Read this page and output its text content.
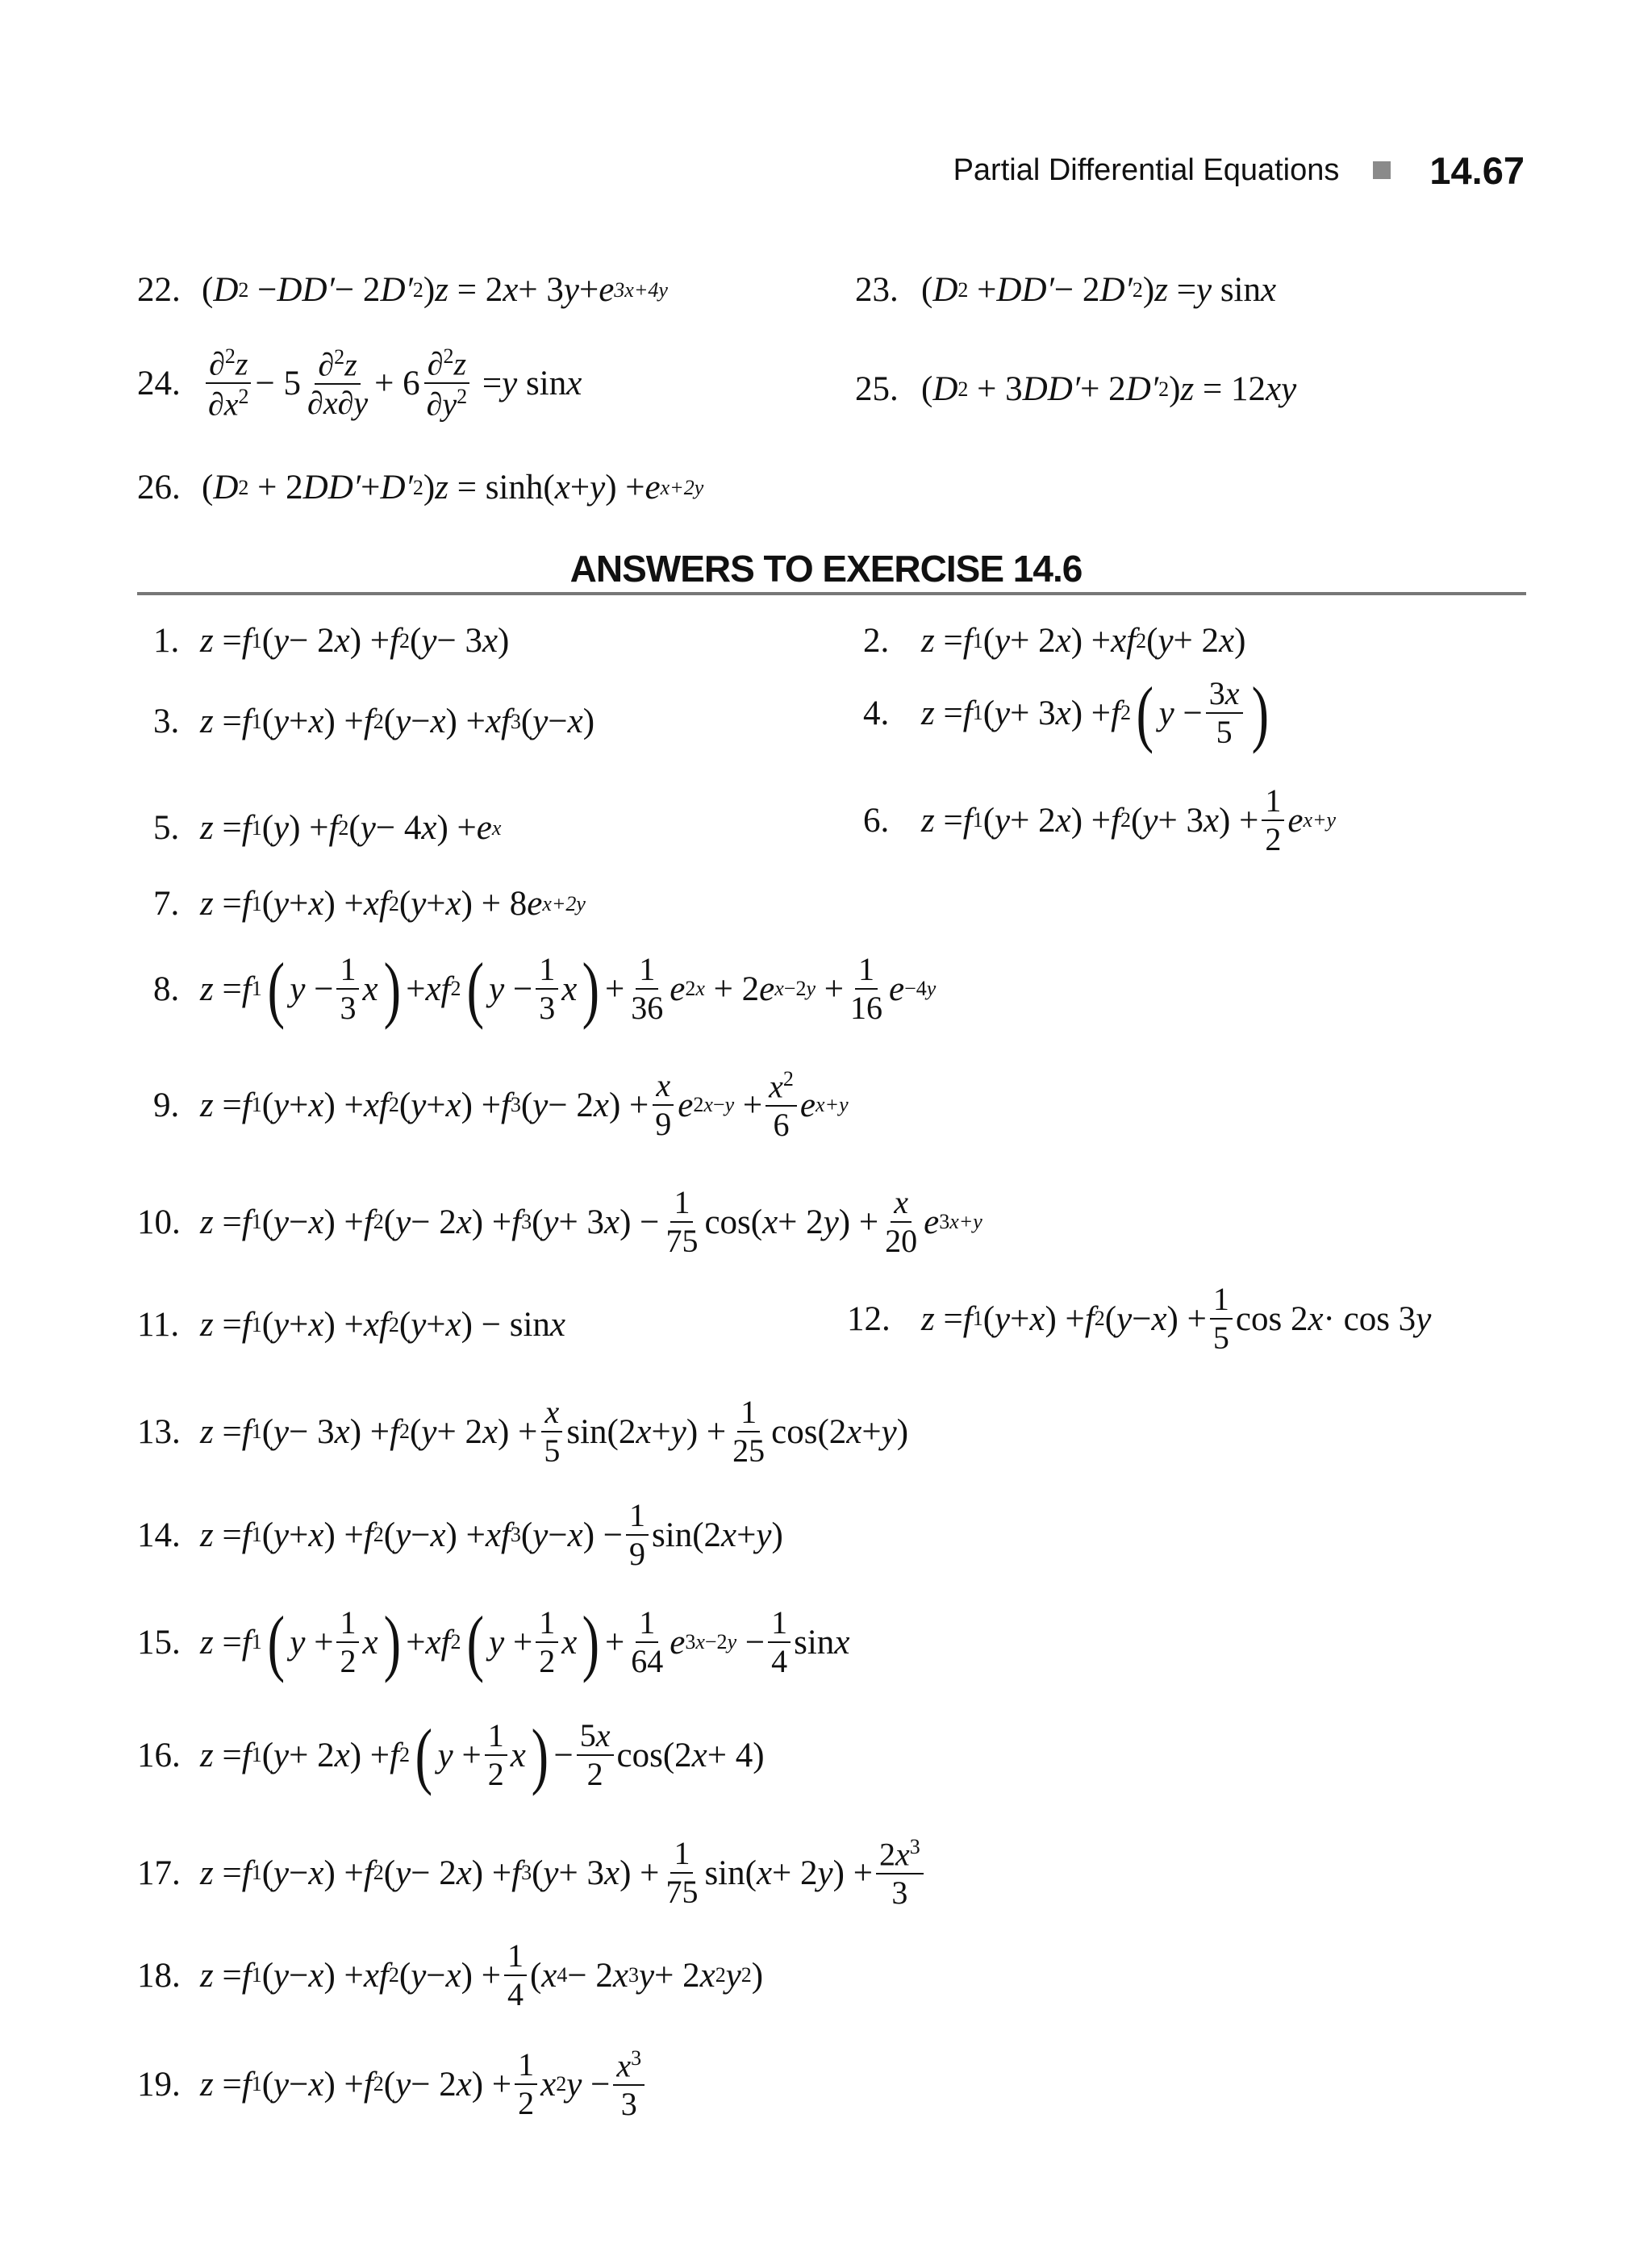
Partial Differential Equations 14.67
22. ( D 2 − DD′ − 2 D′ 2 ) z = 2 x + 3 y + e 3x+4y	23. ( D 2 + DD′ − 2 D′ 2 ) z = y sin x
24. $\frac{\partial^2z}{\partial x^2} - 5 \frac{\partial^2z}{\partial x\partial y} + 6 \frac{\partial^2z}{\partial y^2} = y$ sin x	25. ( D 2 + 3 DD′ + 2 D′ 2 ) z = 12 xy
26. ( D 2 + 2 DD′ + D′ 2 ) z = sinh( x + y ) + e x+2y
ANSWERS TO EXERCISE 14.6
1. z = f 1 ( y − 2 x ) + f 2 ( y − 3 x )	2. z = f 1 ( y + 2 x ) + xf 2 ( y + 2 x )
3. z = f 1 ( y + x ) + f 2 ( y − x ) + xf 3 ( y − x )	4. z = f 1 ( y + 3 x ) + f 2 ( $y - \frac{3x}{5}$ )
5. z = f 1 ( y ) + f 2 ( y − 4 x ) + e x	6. z = f 1 ( y + 2 x ) + f 2 ( y + 3 x ) + $\frac{1}{2}$ e x+y
7. z = f 1 ( y + x ) + xf 2 ( y + x ) + 8 e x+2y
8. z = f 1 ( $y - \frac{1}{3}$ x ) + xf 2 ( $y - \frac{1}{3}$ x ) + $\frac{1}{36}$ e 2x + 2 e $x-2y + \frac{1}{16}$ e −4y
9. z = f 1 ( y + x ) + xf 2 ( y + x ) + f 3 ( y − 2 x ) + $\frac{x}{9}$ e $2x-y + \frac{x^2}{6}$ e x+y
10. z = f 1 ( y − x ) + f 2 ( y − 2 x ) + f 3 ( y + 3 x ) − $\frac{1}{75} \cos$( x + 2 y ) + $\frac{x}{20}$ e 3x+y
11. z = f 1 ( y + x ) + xf 2 ( y + x ) − sin x	12. z = f 1 ( y + x ) + f 2 ( y − x ) + $\frac{1}{5}$ cos 2 x · cos 3 y
13. z = f 1 ( y − 3 x ) + f 2 ( y + 2 x ) + $\frac{x}{5} \sin(2$ x + y ) + $\frac{1}{25} \cos(2$ x + y )
14. z = f 1 ( y + x ) + f 2 ( y − x ) + xf 3 ( y − x ) − $\frac{1}{9} \sin(2$ x + y )
15. z = f 1 ( $y + \frac{1}{2}$ x ) + xf 2 ( $y + \frac{1}{2}$ x ) + $\frac{1}{64}$ e $3x-2y - \frac{1}{4}$ sin x
16. z = f 1 ( y + 2 x ) + f 2 ( $y + \frac{1}{2}$ x ) − $\frac{5x}{2} \cos(2$ x + 4)
17. z = f 1 ( y − x ) + f 2 ( y − 2 x ) + f 3 ( y + 3 x ) + $\frac{1}{75} \sin$( x + 2 y ) + $\frac{2x^3}{3}$
18. z = f 1 ( y − x ) + xf 2 ( y − x ) + $\frac{1}{4}$ ( x 4 − 2 x 3 y + 2 x 2 y 2 )
19. z = f 1 ( y − x ) + f 2 ( y − 2 x ) + $\frac{1}{2}$ x 2 $y - \frac{x^3}{3}$
